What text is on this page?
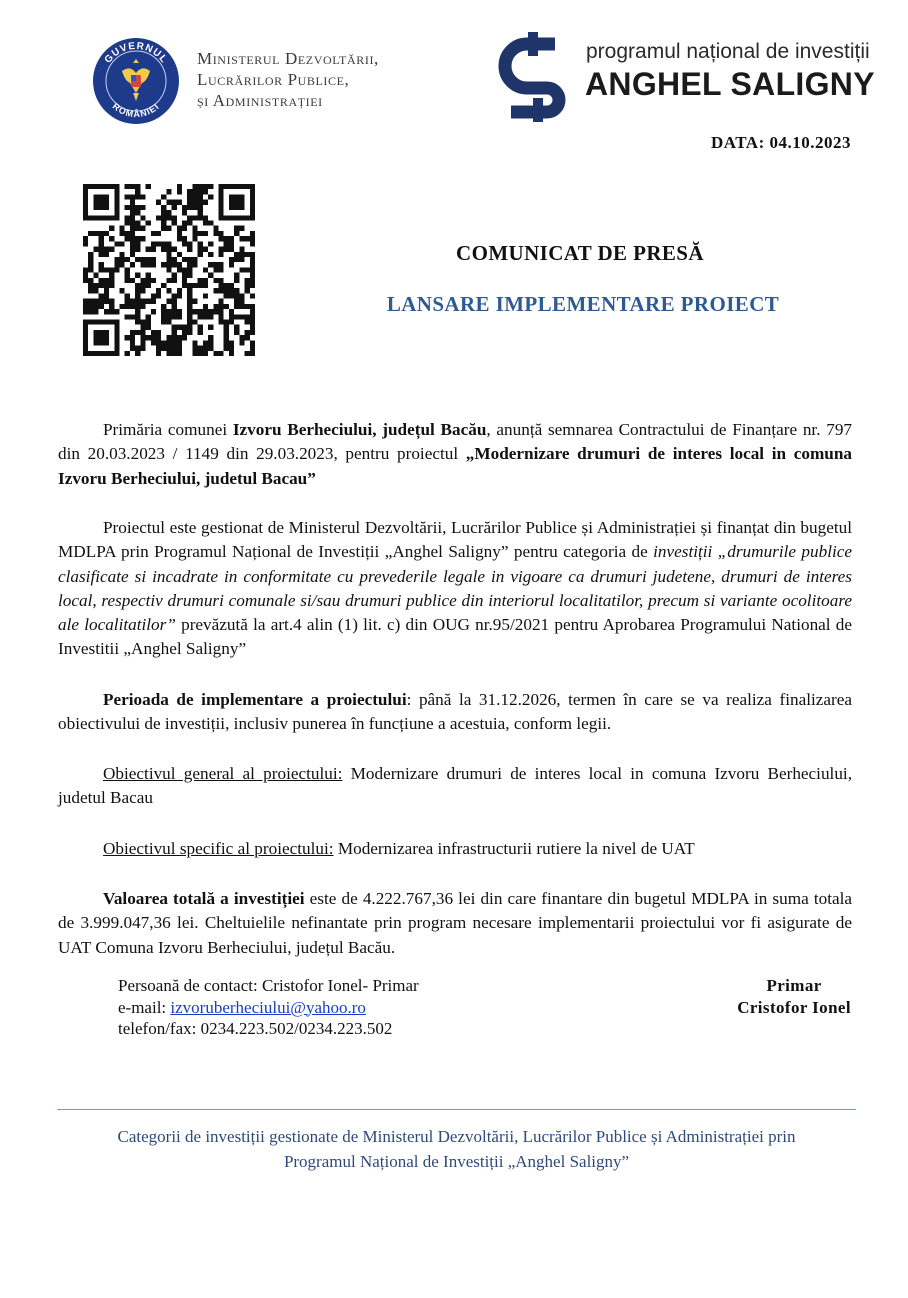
GUVERNUL
ROMÂNIEI
Ministerul Dezvoltării,
Lucrărilor Publice,
și Administrației
programul național de investiții
ANGHEL SALIGNY
DATA: 04.10.2023
COMUNICAT DE PRESĂ
LANSARE IMPLEMENTARE PROIECT
Primăria comunei Izvoru Berheciului, județul Bacău, anunță semnarea Contractului de Finanțare nr. 797 din 20.03.2023 / 1149 din 29.03.2023, pentru proiectul „Modernizare drumuri de interes local in comuna Izvoru Berheciului, judetul Bacau”
Proiectul este gestionat de Ministerul Dezvoltării, Lucrărilor Publice și Administrației și finanțat din bugetul MDLPA prin Programul Național de Investiții „Anghel Saligny” pentru categoria de investiții „drumurile publice clasificate si incadrate in conformitate cu prevederile legale in vigoare ca drumuri judetene, drumuri de interes local, respectiv drumuri comunale si/sau drumuri publice din interiorul localitatilor, precum si variante ocolitoare ale localitatilor” prevăzută la art.4 alin (1) lit. c) din OUG nr.95/2021 pentru Aprobarea Programului National de Investitii „Anghel Saligny”
Perioada de implementare a proiectului: până la 31.12.2026, termen în care se va realiza finalizarea obiectivului de investiții, inclusiv punerea în funcțiune a acestuia, conform legii.
Obiectivul general al proiectului: Modernizare drumuri de interes local in comuna Izvoru Berheciului, judetul Bacau
Obiectivul specific al proiectului: Modernizarea infrastructurii rutiere la nivel de UAT
Valoarea totală a investiției este de 4.222.767,36 lei din care finantare din bugetul MDLPA in suma totala de 3.999.047,36 lei. Cheltuielile nefinantate prin program necesare implementarii proiectului vor fi asigurate de UAT Comuna Izvoru Berheciului, județul Bacău.
Persoană de contact: Cristofor Ionel- Primar
e-mail: izvoruberheciului@yahoo.ro
telefon/fax: 0234.223.502/0234.223.502
Primar
Cristofor Ionel
Categorii de investiții gestionate de Ministerul Dezvoltării, Lucrărilor Publice și Administrației prin
Programul Național de Investiții „Anghel Saligny”
